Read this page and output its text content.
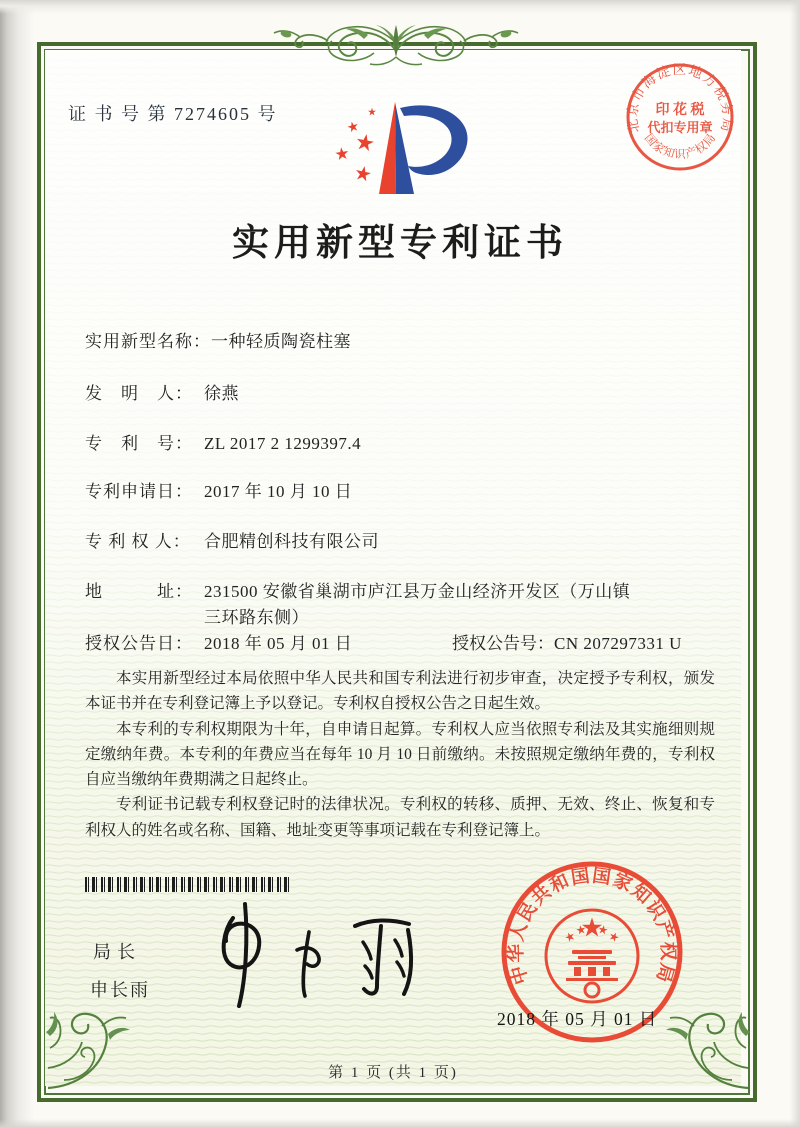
证 书 号 第 7274605 号
实用新型专利证书
实用新型名称：一种轻质陶瓷柱塞
发　明　人： 徐燕
专　利　号： ZL 2017 2 1299397.4
专利申请日： 2017 年 10 月 10 日
专 利 权 人： 合肥精创科技有限公司
地　　　址： 231500 安徽省巢湖市庐江县万金山经济开发区（万山镇三环路东侧）
授权公告日： 2018 年 05 月 01 日	授权公告号：CN 207297331 U

本实用新型经过本局依照中华人民共和国专利法进行初步审查，决定授予专利权，颁发本证书并在专利登记簿上予以登记。专利权自授权公告之日起生效。

本专利的专利权期限为十年，自申请日起算。专利权人应当依照专利法及其实施细则规定缴纳年费。本专利的年费应当在每年 10 月 10 日前缴纳。未按照规定缴纳年费的，专利权自应当缴纳年费期满之日起终止。

专利证书记载专利权登记时的法律状况。专利权的转移、质押、无效、终止、恢复和专利权人的姓名或名称、国籍、地址变更等事项记载在专利登记簿上。

局长
申长雨
北京市海淀区地方税务局
国家知识产权局
印 花 税
代扣专用章
中华人民共和国国家知识产权局
2018 年 05 月 01 日
第 1 页 (共 1 页)
